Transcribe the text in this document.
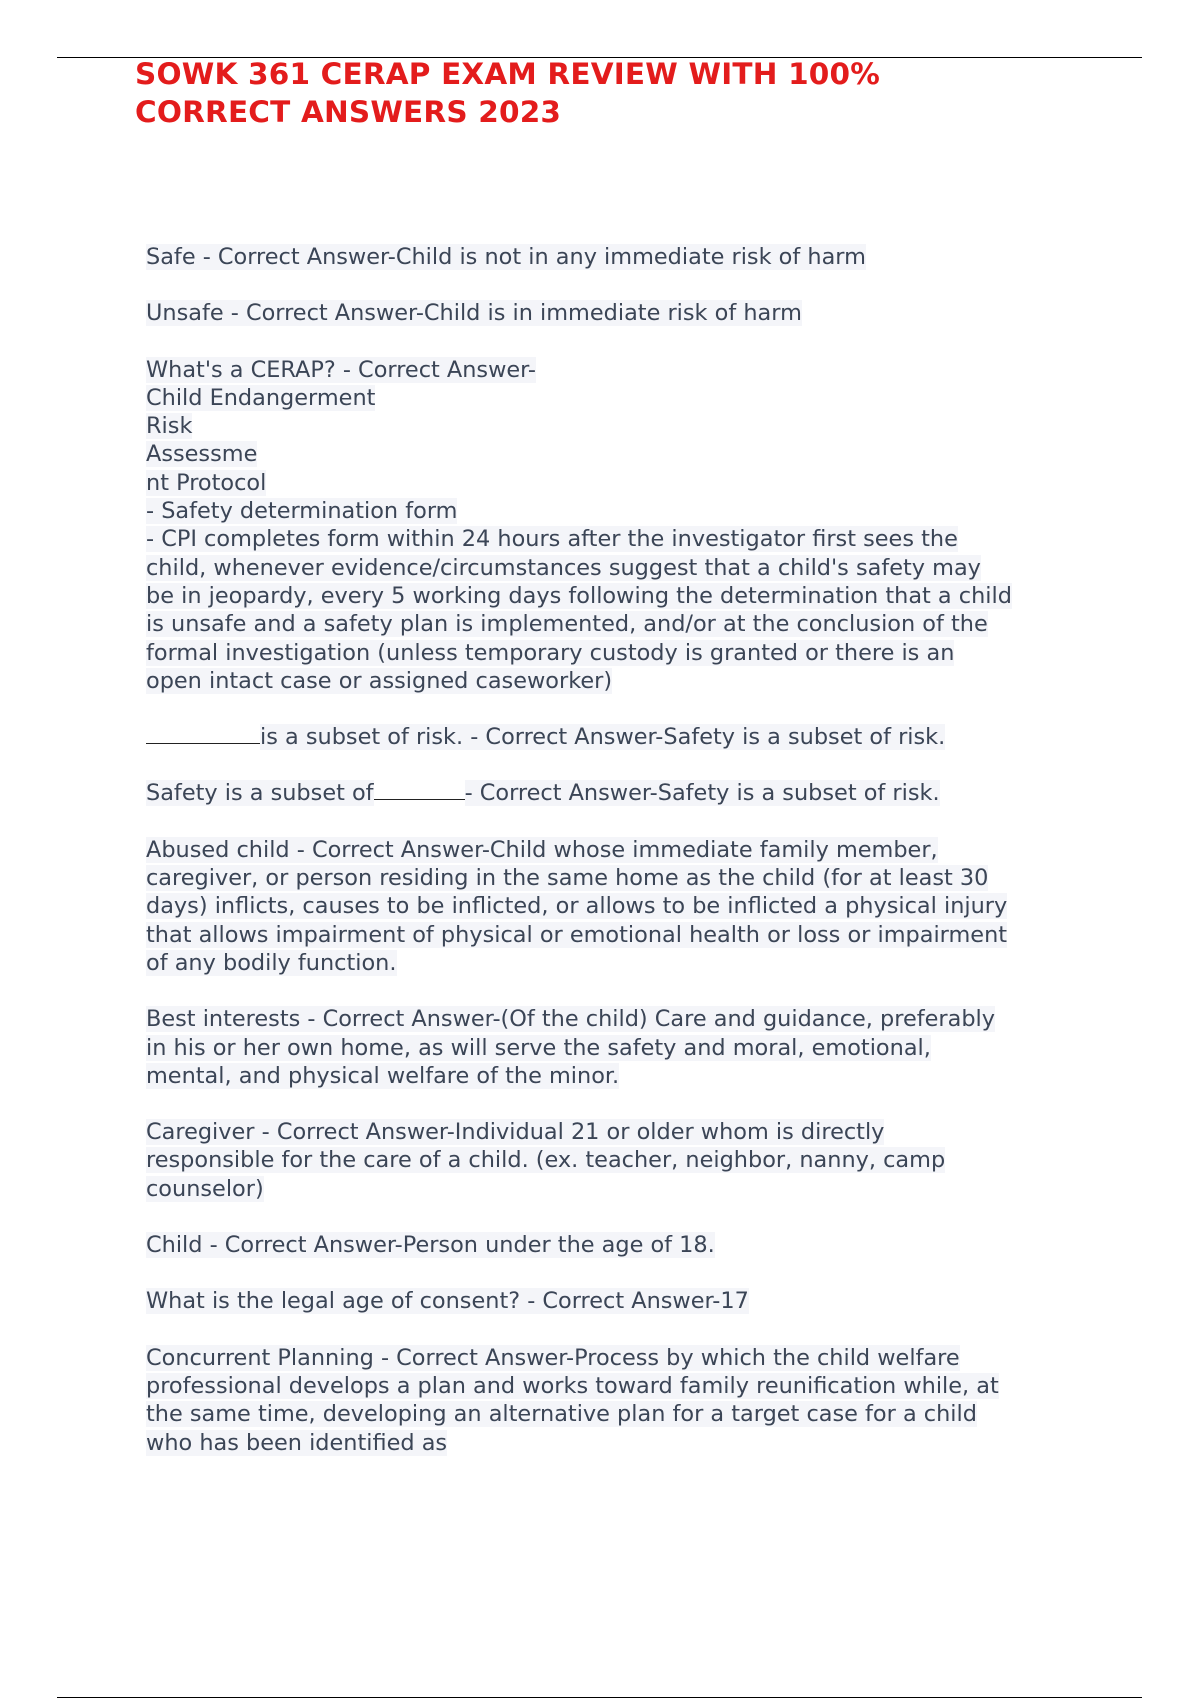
SOWK 361 CERAP EXAM REVIEW WITH 100%
CORRECT ANSWERS 2023

Safe - Correct Answer-Child is not in any immediate risk of harm

Unsafe - Correct Answer-Child is in immediate risk of harm

What's a CERAP? - Correct Answer-
Child Endangerment
Risk
Assessme
nt Protocol
- Safety determination form
- CPI completes form within 24 hours after the investigator first sees the
child, whenever evidence/circumstances suggest that a child's safety may
be in jeopardy, every 5 working days following the determination that a child
is unsafe and a safety plan is implemented, and/or at the conclusion of the
formal investigation (unless temporary custody is granted or there is an
open intact case or assigned caseworker)

is a subset of risk. - Correct Answer-Safety is a subset of risk.

Safety is a subset of	- Correct Answer-Safety is a subset of risk.

Abused child - Correct Answer-Child whose immediate family member,
caregiver, or person residing in the same home as the child (for at least 30
days) inflicts, causes to be inflicted, or allows to be inflicted a physical injury
that allows impairment of physical or emotional health or loss or impairment
of any bodily function.

Best interests - Correct Answer-(Of the child) Care and guidance, preferably
in his or her own home, as will serve the safety and moral, emotional,
mental, and physical welfare of the minor.

Caregiver - Correct Answer-Individual 21 or older whom is directly
responsible for the care of a child. (ex. teacher, neighbor, nanny, camp
counselor)

Child - Correct Answer-Person under the age of 18.

What is the legal age of consent? - Correct Answer-17

Concurrent Planning - Correct Answer-Process by which the child welfare
professional develops a plan and works toward family reunification while, at
the same time, developing an alternative plan for a target case for a child
who has been identified as
